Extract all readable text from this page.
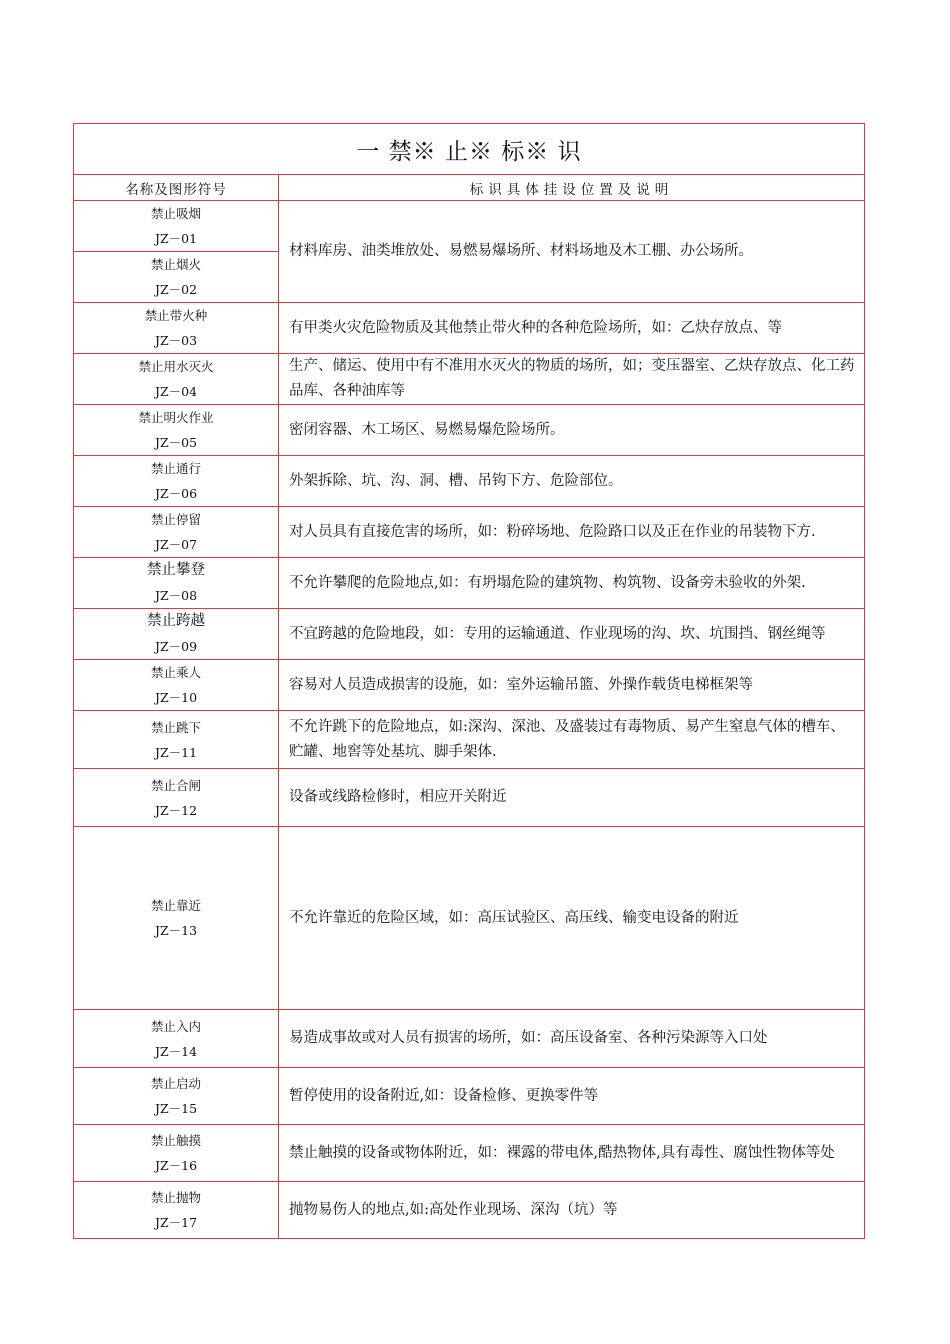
一 禁※ 止※ 标※ 识	
名称及图形符号	标识具体挂设位置及说明

禁止吸烟
JZ－01	材料库房、油类堆放处、易燃易爆场所、材料场地及木工棚、办公场所。

禁止烟火
JZ－02	

禁止带火种
JZ－03	有甲类火灾危险物质及其他禁止带火种的各种危险场所，如：乙炔存放点、等

禁止用水灭火
JZ－04	生产、储运、使用中有不准用水灭火的物质的场所，如；变压器室、乙炔存放点、化工药品库、各种油库等

禁止明火作业
JZ－05	密闭容器、木工场区、易燃易爆危险场所。

禁止通行
JZ－06	外架拆除、坑、沟、洞、槽、吊钩下方、危险部位。

禁止停留
JZ－07	对人员具有直接危害的场所，如：粉碎场地、危险路口以及正在作业的吊装物下方.

禁止攀登
JZ－08	不允许攀爬的危险地点,如：有坍塌危险的建筑物、构筑物、设备旁未验收的外架.

禁止跨越
JZ－09	不宜跨越的危险地段，如：专用的运输通道、作业现场的沟、坎、坑围挡、钢丝绳等

禁止乘人
JZ－10	容易对人员造成损害的设施，如：室外运输吊篮、外操作载货电梯框架等

禁止跳下
JZ－11	不允许跳下的危险地点，如:深沟、深池、及盛装过有毒物质、易产生窒息气体的槽车、贮罐、地窖等处基坑、脚手架体.

禁止合闸
JZ－12	设备或线路检修时，相应开关附近

禁止靠近
JZ－13	不允许靠近的危险区域，如：高压试验区、高压线、输变电设备的附近

禁止入内
JZ－14	易造成事故或对人员有损害的场所，如：高压设备室、各种污染源等入口处

禁止启动
JZ－15	暂停使用的设备附近,如：设备检修、更换零件等

禁止触摸
JZ－16	禁止触摸的设备或物体附近，如：裸露的带电体,酷热物体,具有毒性、腐蚀性物体等处

禁止抛物
JZ－17	抛物易伤人的地点,如:高处作业现场、深沟（坑）等
